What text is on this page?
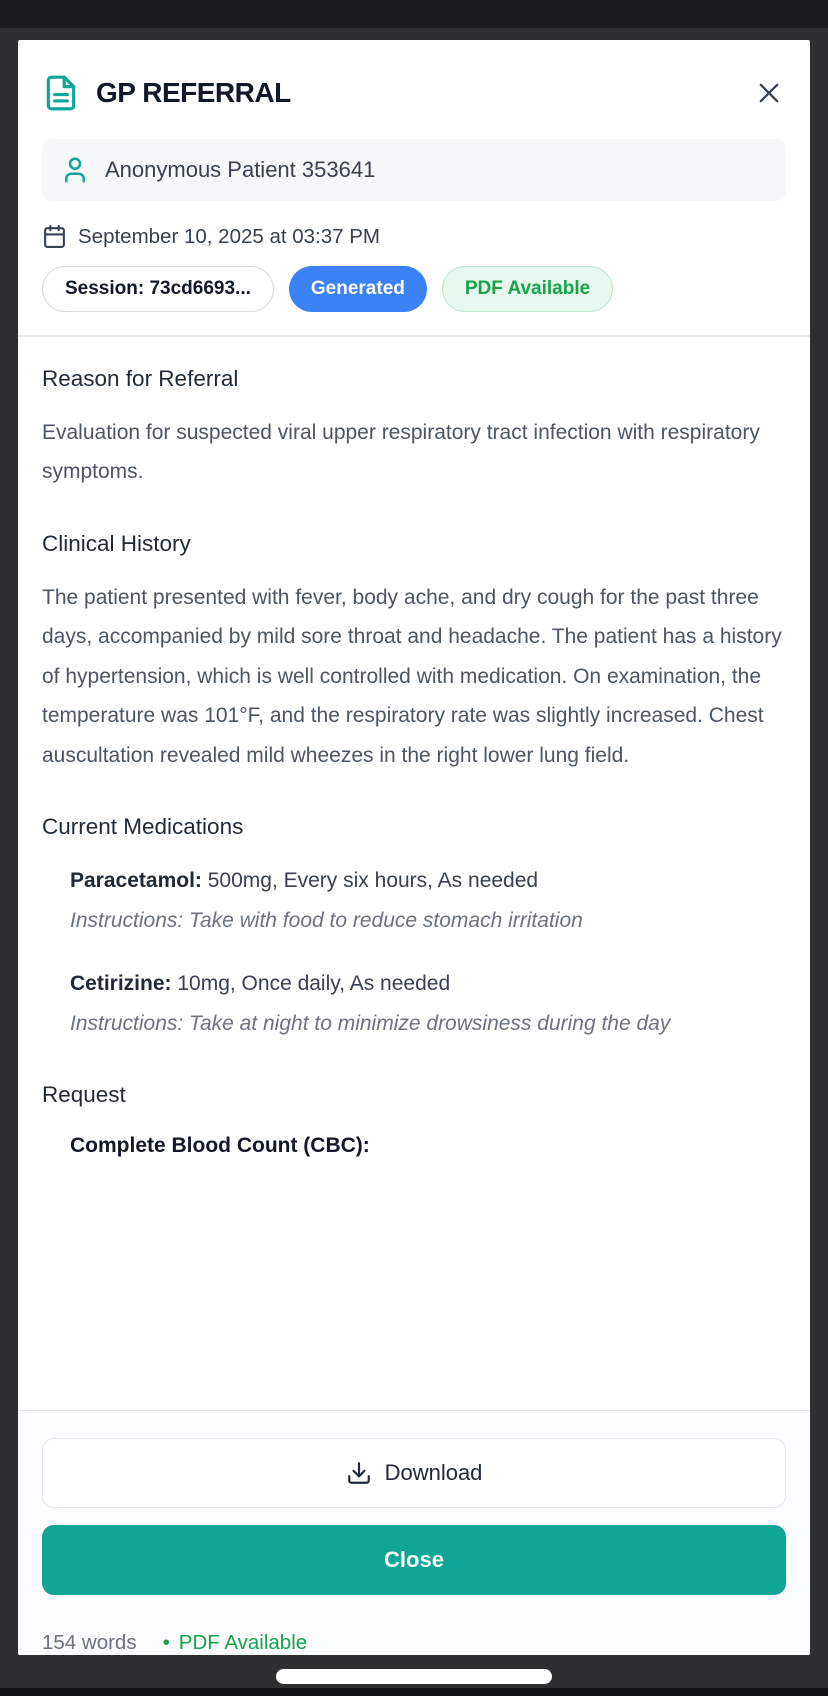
GP REFERRAL
Anonymous Patient 353641
September 10, 2025 at 03:37 PM
Session: 73cd6693...	Generated	PDF Available
Reason for Referral

Evaluation for suspected viral upper respiratory tract infection with respiratory symptoms.

Clinical History

The patient presented with fever, body ache, and dry cough for the past three days, accompanied by mild sore throat and headache. The patient has a history of hypertension, which is well controlled with medication. On examination, the temperature was 101°F, and the respiratory rate was slightly increased. Chest auscultation revealed mild wheezes in the right lower lung field.

Current Medications

Paracetamol: 500mg, Every six hours, As needed

Instructions: Take with food to reduce stomach irritation

Cetirizine: 10mg, Once daily, As needed

Instructions: Take at night to minimize drowsiness during the day

Request

Complete Blood Count (CBC):

Download
Close
154 words • PDF Available
